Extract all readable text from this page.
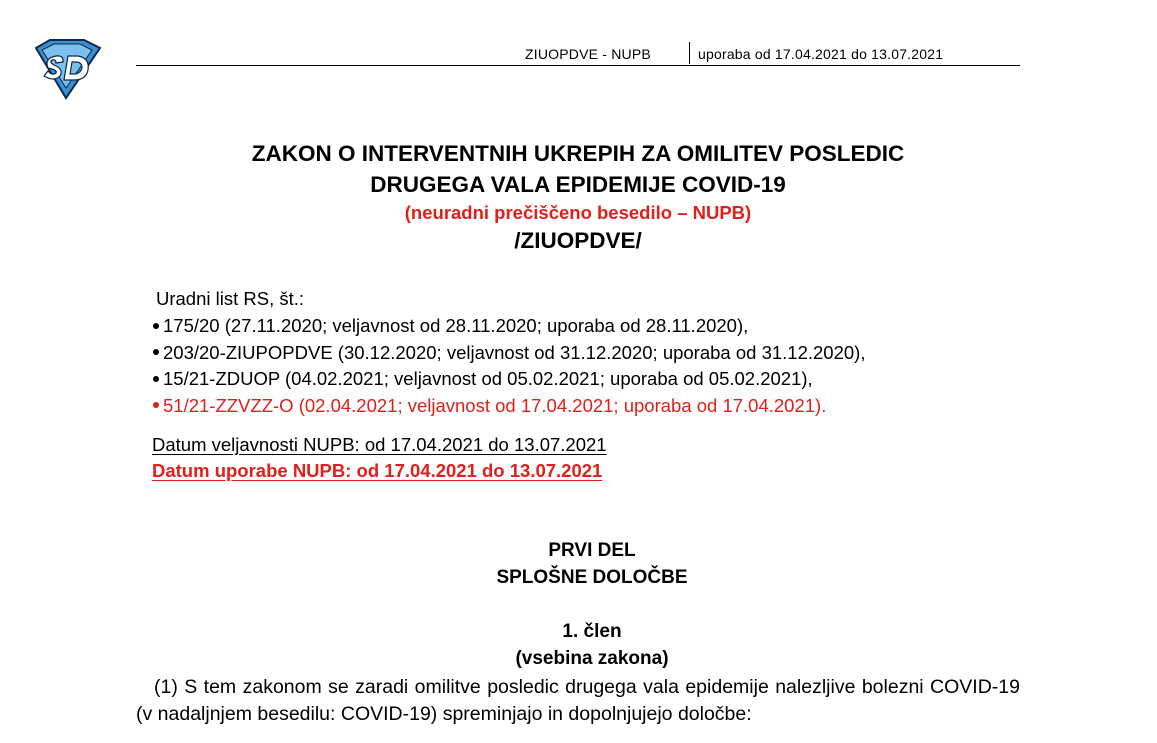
ZIUOPDVE - NUPB	uporaba od 17.04.2021 do 13.07.2021
ZAKON O INTERVENTNIH UKREPIH ZA OMILITEV POSLEDIC
DRUGEGA VALA EPIDEMIJE COVID-19
(neuradni prečiščeno besedilo – NUPB)
/ZIUOPDVE/
Uradni list RS, št.:
175/20 (27.11.2020; veljavnost od 28.11.2020; uporaba od 28.11.2020),
203/20-ZIUPOPDVE (30.12.2020; veljavnost od 31.12.2020; uporaba od 31.12.2020),
15/21-ZDUOP (04.02.2021; veljavnost od 05.02.2021; uporaba od 05.02.2021),
51/21-ZZVZZ-O (02.04.2021; veljavnost od 17.04.2021; uporaba od 17.04.2021).
Datum veljavnosti NUPB: od 17.04.2021 do 13.07.2021
Datum uporabe NUPB: od 17.04.2021 do 13.07.2021
PRVI DEL
SPLOŠNE DOLOČBE
1. člen
(vsebina zakona)
(1) S tem zakonom se zaradi omilitve posledic drugega vala epidemije nalezljive bolezni COVID-19 (v nadaljnjem besedilu: COVID-19) spreminjajo in dopolnjujejo določbe:
